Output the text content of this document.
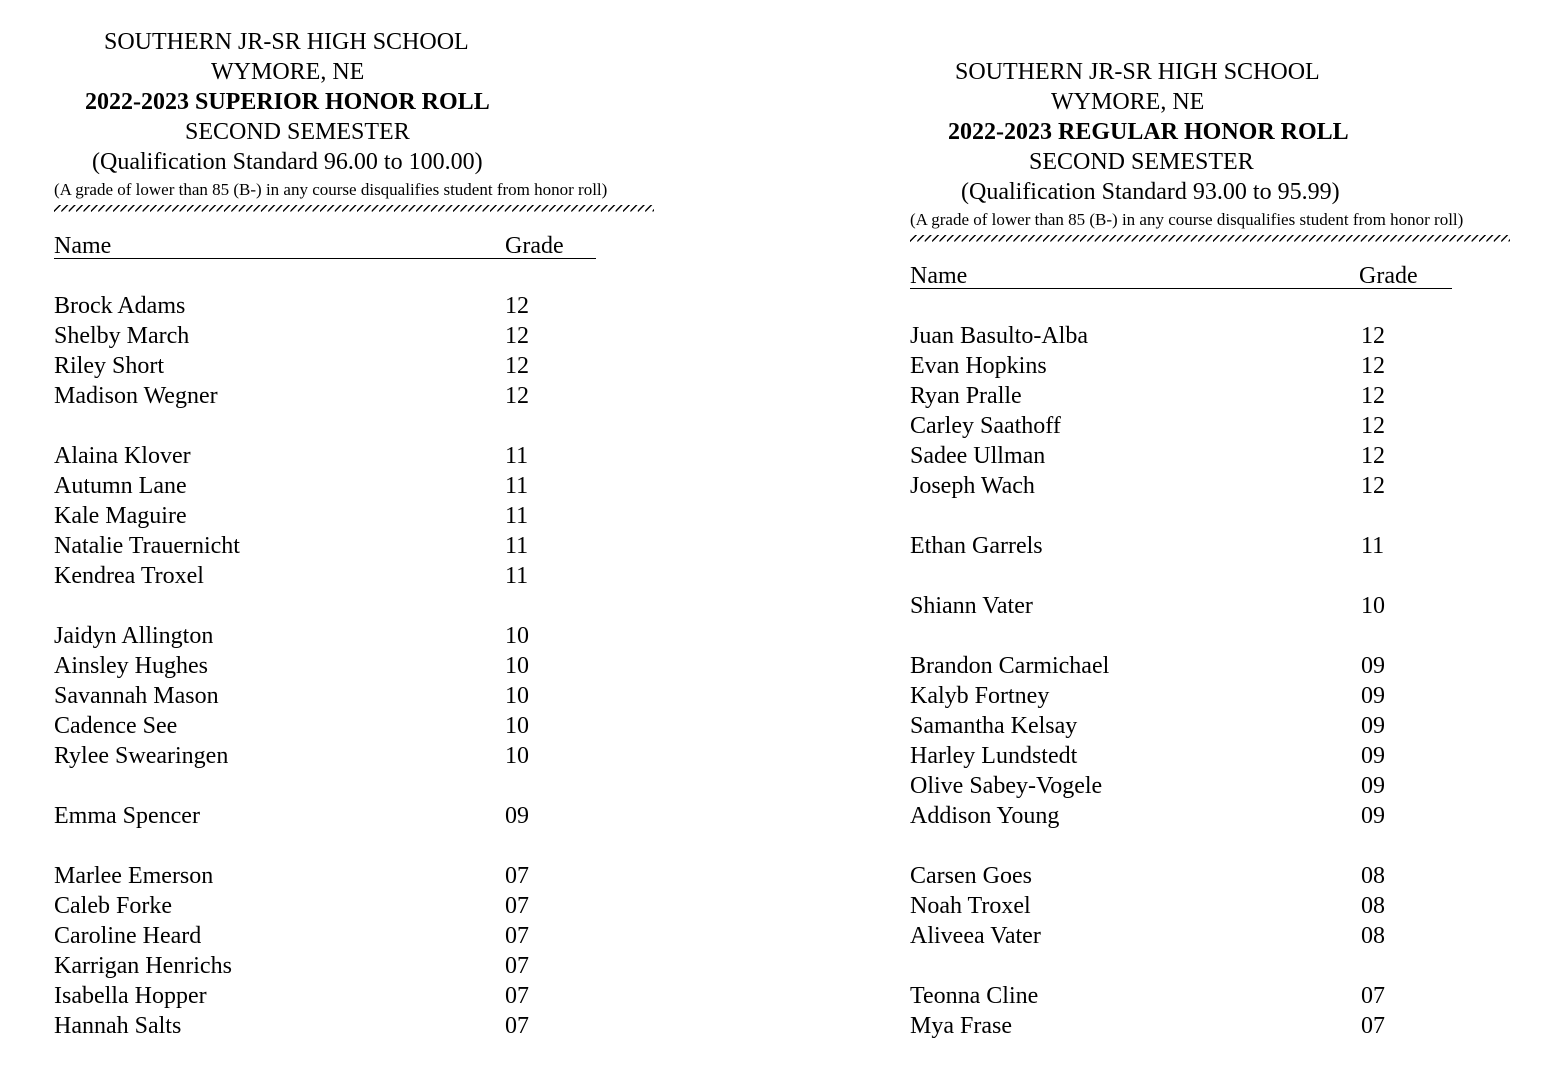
SOUTHERN JR-SR HIGH SCHOOL
WYMORE, NE
2022-2023 SUPERIOR HONOR ROLL
SECOND SEMESTER
(Qualification Standard 96.00 to 100.00)
(A grade of lower than 85 (B-) in any course disqualifies student from honor roll)
Name	Grade
Brock Adams	12
Shelby March	12
Riley Short	12
Madison Wegner	12
Alaina Klover	11
Autumn Lane	11
Kale Maguire	11
Natalie Trauernicht	11
Kendrea Troxel	11
Jaidyn Allington	10
Ainsley Hughes	10
Savannah Mason	10
Cadence See	10
Rylee Swearingen	10
Emma Spencer	09
Marlee Emerson	07
Caleb Forke	07
Caroline Heard	07
Karrigan Henrichs	07
Isabella Hopper	07
Hannah Salts	07
SOUTHERN JR-SR HIGH SCHOOL
WYMORE, NE
2022-2023 REGULAR HONOR ROLL
SECOND SEMESTER
(Qualification Standard 93.00 to 95.99)
(A grade of lower than 85 (B-) in any course disqualifies student from honor roll)
Name	Grade
Juan Basulto-Alba	12
Evan Hopkins	12
Ryan Pralle	12
Carley Saathoff	12
Sadee Ullman	12
Joseph Wach	12
Ethan Garrels	11
Shiann Vater	10
Brandon Carmichael	09
Kalyb Fortney	09
Samantha Kelsay	09
Harley Lundstedt	09
Olive Sabey-Vogele	09
Addison Young	09
Carsen Goes	08
Noah Troxel	08
Aliveea Vater	08
Teonna Cline	07
Mya Frase	07
